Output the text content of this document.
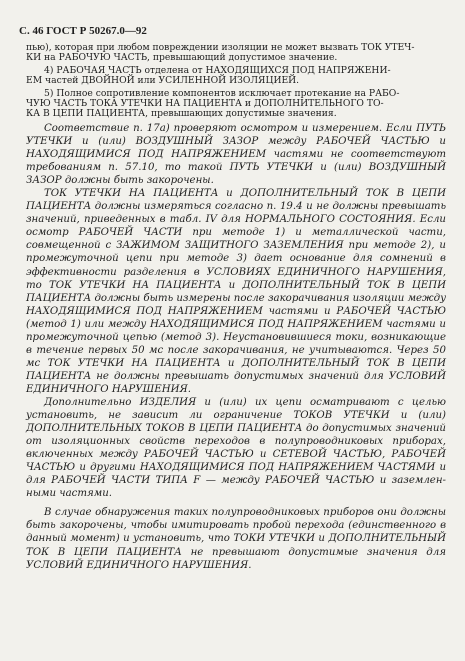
С. 46 ГОСТ Р 50267.0—92
пью), которая при любом повреждении изоляции не может вызвать ТОК УТЕЧ-
КИ на РАБОЧУЮ ЧАСТЬ, превышающий допустимое значение.
4) РАБОЧАЯ ЧАСТЬ отделена от НАХОДЯЩИХСЯ ПОД НАПРЯЖЕНИ-
ЕМ частей ДВОЙНОЙ или УСИЛЕННОЙ ИЗОЛЯЦИЕЙ.
5) Полное сопротивление компонентов исключает протекание на РАБО-
ЧУЮ ЧАСТЬ ТОКА УТЕЧКИ НА ПАЦИЕНТА и ДОПОЛНИТЕЛЬНОГО ТО-
КА В ЦЕПИ ПАЦИЕНТА, превышающих допустимые значения.

Соответствие п. 17а) проверяют осмотром и измерением. Если ПУТЬ УТЕЧКИ и (или) ВОЗДУШНЫЙ ЗАЗОР между РАБОЧЕЙ ЧАСТЬЮ и НАХОДЯЩИМИСЯ ПОД НАПРЯЖЕНИЕМ частями не соответствуют требованиям п. 57.10, то такой ПУТЬ УТЕЧКИ и (или) ВОЗДУШНЫЙ ЗАЗОР должны быть закорочены.

ТОК УТЕЧКИ НА ПАЦИЕНТА и ДОПОЛНИТЕЛЬНЫЙ ТОК В ЦЕПИ ПАЦИЕНТА должны измеряться согласно п. 19.4 и не должны превышать значений, приведенных в табл. IV для НОРМАЛЬНОГО СОСТОЯНИЯ. Если осмотр РАБОЧЕЙ ЧАСТИ при методе 1) и металлической части, совмещенной с ЗАЖИМОМ ЗАЩИТНОГО ЗАЗЕМЛЕНИЯ при методе 2), и промежуточной цепи при методе 3) дает основание для сомнений в эффективности разделения в УСЛОВИЯХ ЕДИНИЧНОГО НАРУШЕНИЯ, то ТОК УТЕЧКИ НА ПАЦИЕНТА и ДОПОЛНИТЕЛЬНЫЙ ТОК В ЦЕПИ ПАЦИЕНТА должны быть измерены после закорачивания изоляции между НАХОДЯЩИМИСЯ ПОД НАПРЯЖЕНИЕМ частями и РАБОЧЕЙ ЧАСТЬЮ (метод 1) или между НАХОДЯЩИМИСЯ ПОД НАПРЯЖЕНИЕМ частями и промежуточной цепью (метод 3). Неустановившиеся токи, возникающие в течение первых 50 мс после закорачивания, не учитываются. Через 50 мс ТОК УТЕЧКИ НА ПАЦИЕНТА и ДОПОЛНИТЕЛЬНЫЙ ТОК В ЦЕПИ ПАЦИЕНТА не должны превышать допустимых значений для УСЛОВИЙ ЕДИНИЧНОГО НАРУШЕНИЯ.

Дополнительно ИЗДЕЛИЯ и (или) их цепи осматривают с целью установить, не зависит ли ограничение ТОКОВ УТЕЧКИ и (или) ДОПОЛНИТЕЛЬНЫХ ТОКОВ В ЦЕПИ ПАЦИЕНТА до допустимых значений от изоляционных свойств переходов в полупроводниковых приборах, включенных между РАБОЧЕЙ ЧАСТЬЮ и СЕТЕВОЙ ЧАСТЬЮ, РАБОЧЕЙ ЧАСТЬЮ и другими НАХОДЯЩИМИСЯ ПОД НАПРЯЖЕНИЕМ ЧАСТЯМИ и для РАБОЧЕЙ ЧАСТИ ТИПА F — между РАБОЧЕЙ ЧАСТЬЮ и заземленными частями.

В случае обнаружения таких полупроводниковых приборов они должны быть закорочены, чтобы имитировать пробой перехода (единственного в данный момент) и установить, что ТОКИ УТЕЧКИ и ДОПОЛНИТЕЛЬНЫЙ ТОК В ЦЕПИ ПАЦИЕНТА не превышают допустимые значения для УСЛОВИЙ ЕДИНИЧНОГО НАРУШЕНИЯ.
